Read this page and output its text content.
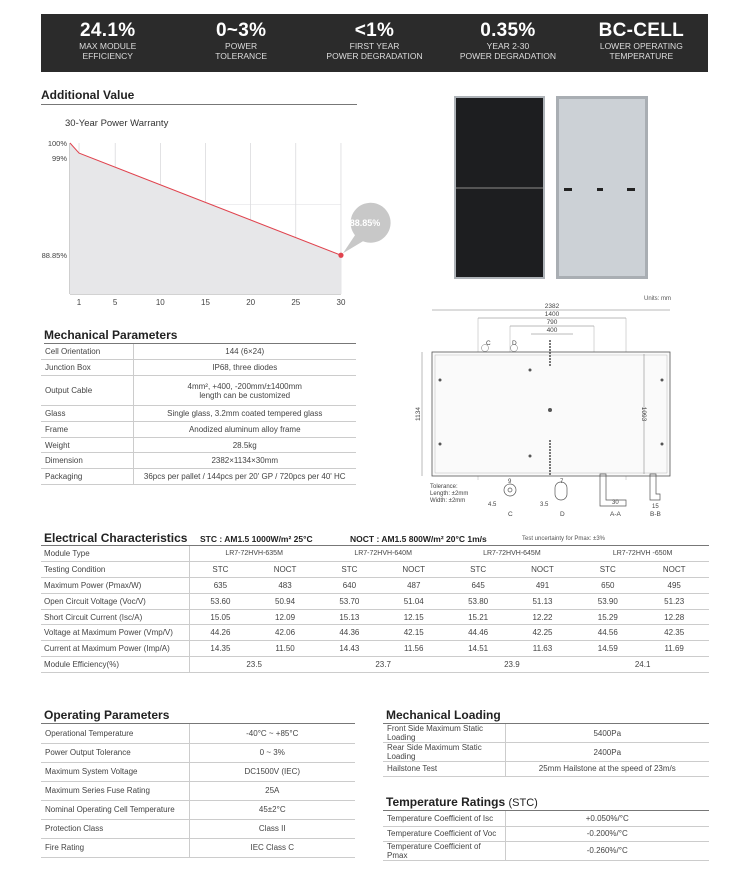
24.1%
MAX MODULE
EFFICIENCY
0~3%
POWER
TOLERANCE
<1%
FIRST YEAR
POWER DEGRADATION
0.35%
YEAR 2-30
POWER DEGRADATION
BC-CELL
LOWER OPERATING
TEMPERATURE
Additional Value
30-Year Power Warranty
88.85%
1	5	10	15	20	25	30
100%
99%
88.85%
Units: mm
2382
1400
790
400
C	D
1134	1093
Tolerance:
Length: ±2mm
Width: ±2mm
9
4.5
C
7
3.5
D
30
A-A
15
B-B
Mechanical Parameters
Cell Orientation	144 (6×24)
Junction Box	IP68, three diodes
Output Cable	4mm², +400, -200mm/±1400mm
length can be customized

Glass	Single glass, 3.2mm coated tempered glass
Frame	Anodized aluminum alloy frame
Weight	28.5kg
Dimension	2382×1134×30mm
Packaging	36pcs per pallet / 144pcs per 20' GP / 720pcs per 40' HC
Electrical Characteristics STC : AM1.5 1000W/m² 25°C	NOCT : AM1.5 800W/m² 20°C 1m/s	Test uncertainty for Pmax: ±3%
Module Type	LR7-72HVH-635M		LR7-72HVH-640M		LR7-72HVH-645M		LR7-72HVH -650M	
Testing Condition	STC	NOCT	STC	NOCT	STC	NOCT	STC	NOCT
Maximum Power (Pmax/W)	635	483	640	487	645	491	650	495
Open Circuit Voltage (Voc/V)	53.60	50.94	53.70	51.04	53.80	51.13	53.90	51.23
Short Circuit Current (Isc/A)	15.05	12.09	15.13	12.15	15.21	12.22	15.29	12.28
Voltage at Maximum Power (Vmp/V)	44.26	42.06	44.36	42.15	44.46	42.25	44.56	42.35
Current at Maximum Power (Imp/A)	14.35	11.50	14.43	11.56	14.51	11.63	14.59	11.69
Module Efficiency(%)	23.5		23.7		23.9		24.1	
Operating Parameters
Operational Temperature	-40°C ~ +85°C
Power Output Tolerance	0 ~ 3%
Maximum System Voltage	DC1500V (IEC)
Maximum Series Fuse Rating	25A
Nominal Operating Cell Temperature	45±2°C
Protection Class	Class II
Fire Rating	IEC Class C
Mechanical Loading
Front Side Maximum Static Loading	5400Pa
Rear Side Maximum Static Loading	2400Pa
Hailstone Test	25mm Hailstone at the speed of 23m/s
Temperature Ratings (STC)
Temperature Coefficient of Isc	+0.050%/°C
Temperature Coefficient of Voc	-0.200%/°C
Temperature Coefficient of Pmax	-0.260%/°C
